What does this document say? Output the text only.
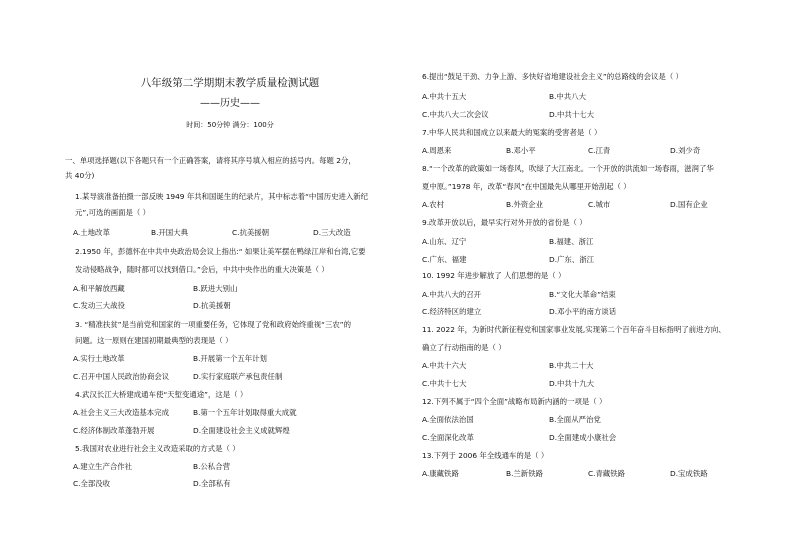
八年级第二学期期末教学质量检测试题
——历史——
时间：50分钟 满分：100分
一、单项选择题(以下各题只有一个正确答案，请将其序号填入相应的括号内。每题 2分，
共 40分)
1.某导演准备拍摄一部反映 1949 年共和国诞生的纪录片，其中标志着“中国历史进入新纪
元”,可选的画面是（ ）
A.土地改革	B.开国大典	C.抗美援朝	D.三大改造
2.1950 年，彭德怀在中共中央政治局会议上指出:“ 如果让美军摆在鸭绿江岸和台湾,它要
发动侵略战争，随时都可以找到借口。”会后，中共中央作出的重大决策是（ ）
A.和平解放西藏	B.跃进大别山
C.发动三大战役	D.抗美援朝
3. “精准扶贫”是当前党和国家的一项重要任务，它体现了党和政府始终重视“三农”的
问题。这一原则在建国初期最典型的表现是（ ）
A.实行土地改革	B.开展第一个五年计划
C.召开中国人民政治协商会议	D.实行家庭联产承包责任制
4.武汉长江大桥建成通车使“天堑变通途”，这是（ ）
A.社会主义三大改造基本完成	B.第一个五年计划取得重大成就
C.经济体制改革蓬勃开展	D.全面建设社会主义成就辉煌
5.我国对农业进行社会主义改造采取的方式是（ ）
A.建立生产合作社	B.公私合营
C.全部没收	D.全部私有
6.提出“鼓足干劲、力争上游、多快好省地建设社会主义”的总路线的会议是（ ）
A.中共十五大	B.中共八大
C.中共八大二次会议	D.中共十七大
7.中华人民共和国成立以来最大的冤案的受害者是（ ）
A.周恩来	B.邓小平	C.江青	D.刘少奇
8.“一个改革的政策如一场春风，吹绿了大江南北。一个开放的洪流如一场春雨，滋润了华
夏中原。”1978 年，改革“春风”在中国最先从哪里开始刮起（ ）
A.农村	B.外资企业	C.城市	D.国有企业
9.改革开放以后，最早实行对外开放的省份是（ ）
A.山东、辽宁	B.福建、浙江
C.广东、福建	D.广东、浙江
10. 1992 年进步解放了 人们思想的是（ ）
A.中共八大的召开	B.“文化大革命”结束
C.经济特区的建立	D.邓小平的南方谈话
11. 2022 年，为新时代新征程党和国家事业发展,实现第二个百年奋斗目标指明了前进方向、
确立了行动指南的是（ ）
A.中共十六大	B.中共二十大
C.中共十七大	D.中共十九大
12.下列不属于“四个全面”战略布局新内涵的一项是（ ）
A.全面依法治国	B.全面从严治党
C.全面深化改革	D.全面建成小康社会
13.下列于 2006 年全线通车的是（ ）
A.康藏铁路	B.兰新铁路	C.青藏铁路	D.宝成铁路
